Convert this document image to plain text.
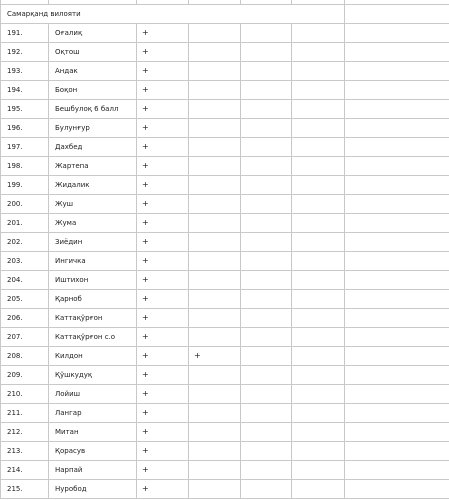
Самарқанд вилояти						
191.	Оғалиқ	+				
192.	Оқтош	+				
193.	Андак	+				
194.	Боқон	+				
195.	Бешбулоқ 6 балл	+				
196.	Булунғур	+				
197.	Дахбед	+				
198.	Жартепа	+				
199.	Жидалик	+				
200.	Жуш	+				
201.	Жума	+				
202.	Зиёдин	+				
203.	Ингичка	+				
204.	Иштихон	+				
205.	Қарноб	+				
206.	Каттақўрғон	+				
207.	Каттақўрғон с.о	+				
208.	Килдон	+	+			
209.	Қўшкудуқ	+				
210.	Лойиш	+				
211.	Лангар	+				
212.	Митан	+				
213.	Қорасув	+				
214.	Нарпай	+				
215.	Нуробод	+				
